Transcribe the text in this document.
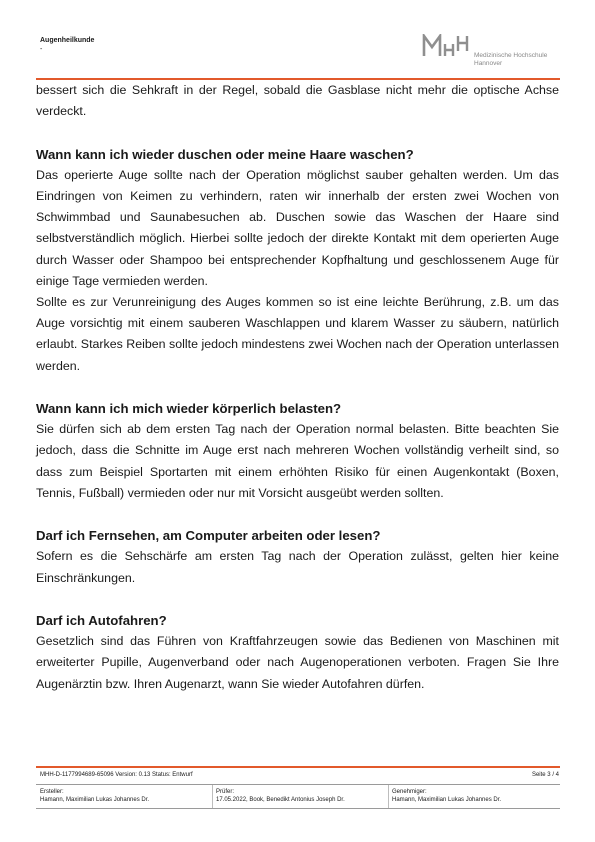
Augenheilkunde
-
Medizinische Hochschule
Hannover

bessert sich die Sehkraft in der Regel, sobald die Gasblase nicht mehr die optische Achse verdeckt.

Wann kann ich wieder duschen oder meine Haare waschen?

Das operierte Auge sollte nach der Operation möglichst sauber gehalten werden. Um das Eindringen von Keimen zu verhindern, raten wir innerhalb der ersten zwei Wochen von Schwimmbad und Saunabesuchen ab. Duschen sowie das Waschen der Haare sind selbstverständlich möglich. Hierbei sollte jedoch der direkte Kontakt mit dem operierten Auge durch Wasser oder Shampoo bei entsprechender Kopfhaltung und geschlossenem Auge für einige Tage vermieden werden.

Sollte es zur Verunreinigung des Auges kommen so ist eine leichte Berührung, z.B. um das Auge vorsichtig mit einem sauberen Waschlappen und klarem Wasser zu säubern, natürlich erlaubt. Starkes Reiben sollte jedoch mindestens zwei Wochen nach der Operation unterlassen werden.

Wann kann ich mich wieder körperlich belasten?

Sie dürfen sich ab dem ersten Tag nach der Operation normal belasten. Bitte beachten Sie jedoch, dass die Schnitte im Auge erst nach mehreren Wochen vollständig verheilt sind, so dass zum Beispiel Sportarten mit einem erhöhten Risiko für einen Augenkontakt (Boxen, Tennis, Fußball) vermieden oder nur mit Vorsicht ausgeübt werden sollten.

Darf ich Fernsehen, am Computer arbeiten oder lesen?

Sofern es die Sehschärfe am ersten Tag nach der Operation zulässt, gelten hier keine Einschränkungen.

Darf ich Autofahren?

Gesetzlich sind das Führen von Kraftfahrzeugen sowie das Bedienen von Maschinen mit erweiterter Pupille, Augenverband oder nach Augenoperationen verboten. Fragen Sie Ihre Augenärztin bzw. Ihren Augenarzt, wann Sie wieder Autofahren dürfen.

MHH-D-1177994689-65096 Version: 0.13 Status: Entwurf	Seite 3 / 4
Ersteller:
Hamann, Maximilian Lukas Johannes Dr.
Prüfer:
17.05.2022, Book, Benedikt Antonius Joseph Dr.
Genehmiger:
Hamann, Maximilian Lukas Johannes Dr.
